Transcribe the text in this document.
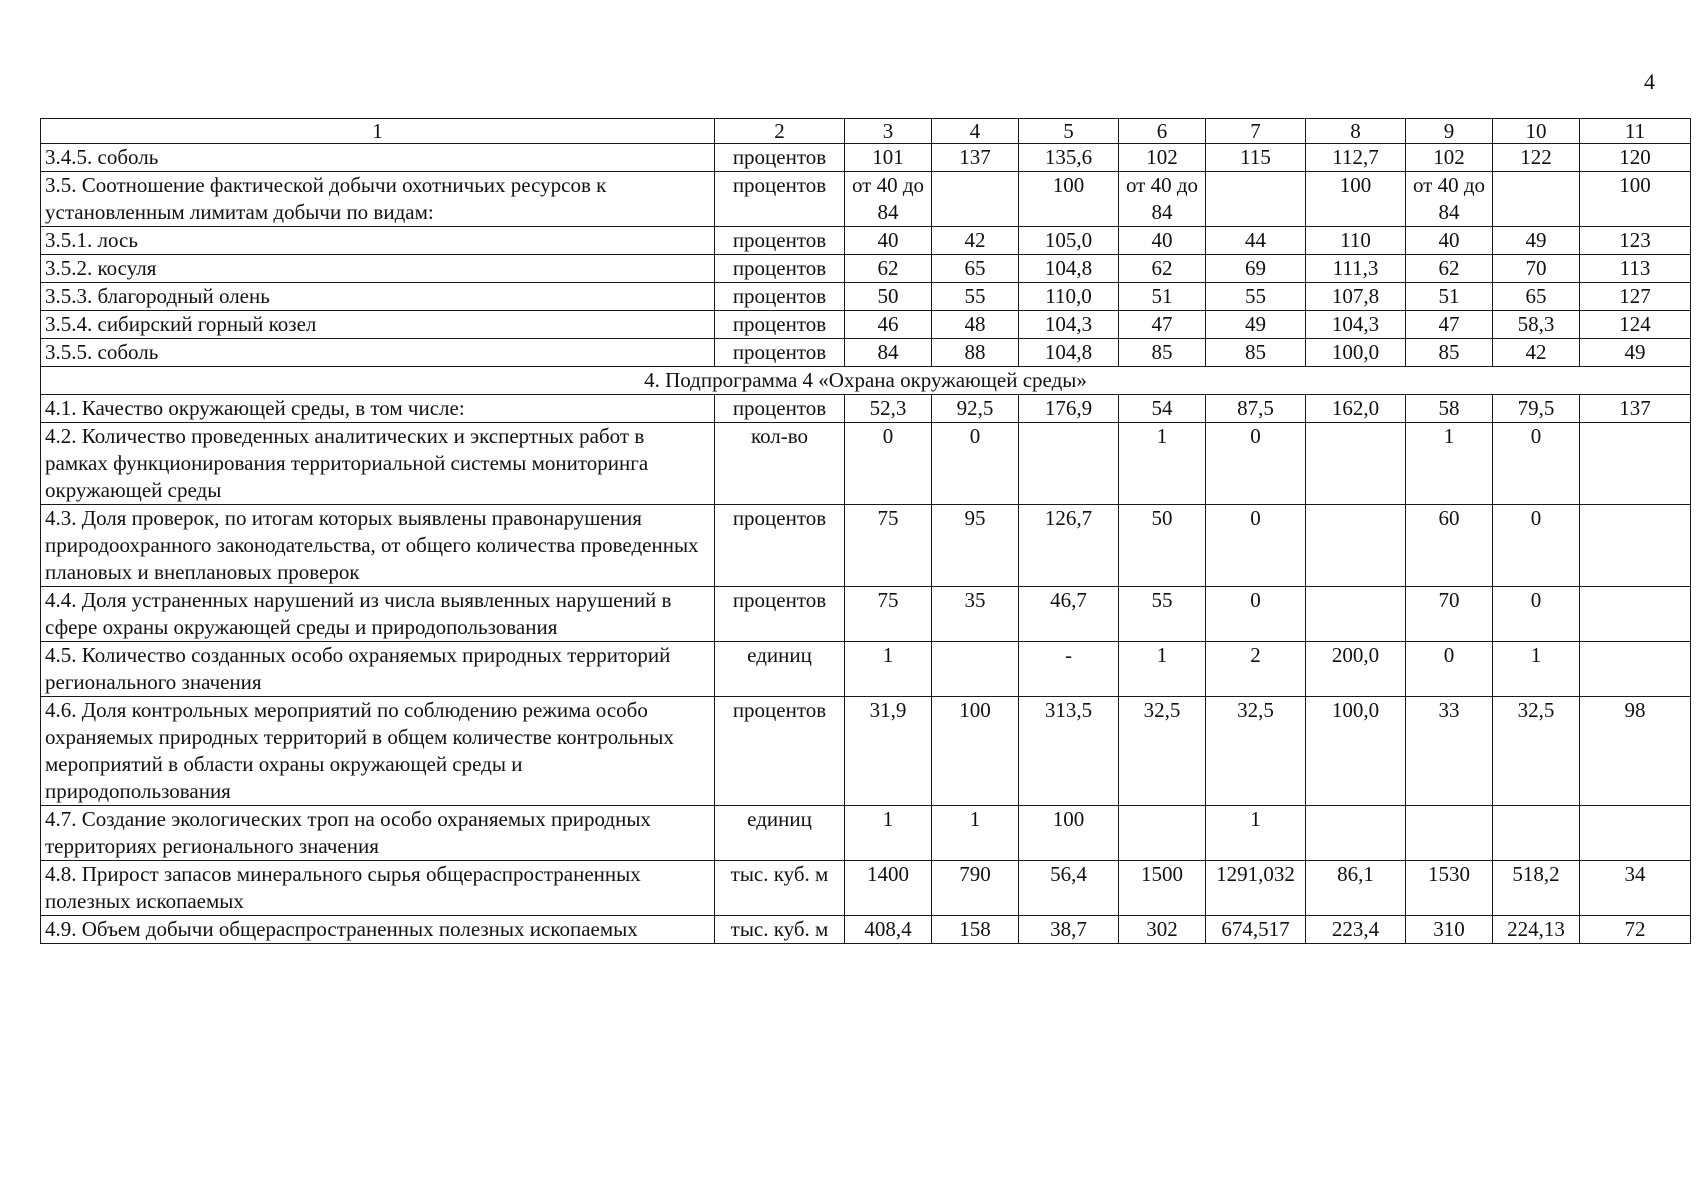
4
1	2	3	4	5	6	7	8	9	10	11
3.4.5. соболь	процентов	101	137	135,6	102	115	112,7	102	122	120
3.5. Соотношение фактической добычи охотничьих ресурсов к установленным лимитам добычи по видам:	процентов	от 40 до 84		100	от 40 до 84		100	от 40 до 84		100
3.5.1. лось	процентов	40	42	105,0	40	44	110	40	49	123
3.5.2. косуля	процентов	62	65	104,8	62	69	111,3	62	70	113
3.5.3. благородный олень	процентов	50	55	110,0	51	55	107,8	51	65	127
3.5.4. сибирский горный козел	процентов	46	48	104,3	47	49	104,3	47	58,3	124
3.5.5. соболь	процентов	84	88	104,8	85	85	100,0	85	42	49
4. Подпрограмма 4 «Охрана окружающей среды»										
4.1. Качество окружающей среды, в том числе:	процентов	52,3	92,5	176,9	54	87,5	162,0	58	79,5	137
4.2. Количество проведенных аналитических и экспертных работ в рамках функционирования территориальной системы мониторинга окружающей среды	кол-во	0	0		1	0		1	0	
4.3. Доля проверок, по итогам которых выявлены правонарушения природоохранного законодательства, от общего количества проведенных плановых и внеплановых проверок	процентов	75	95	126,7	50	0		60	0	
4.4. Доля устраненных нарушений из числа выявленных нарушений в сфере охраны окружающей среды и природопользования	процентов	75	35	46,7	55	0		70	0	
4.5. Количество созданных особо охраняемых природных территорий регионального значения	единиц	1		-	1	2	200,0	0	1	
4.6. Доля контрольных мероприятий по соблюдению режима особо охраняемых природных территорий в общем количестве контрольных мероприятий в области охраны окружающей среды и природопользования	процентов	31,9	100	313,5	32,5	32,5	100,0	33	32,5	98
4.7. Создание экологических троп на особо охраняемых природных территориях регионального значения	единиц	1	1	100		1				
4.8. Прирост запасов минерального сырья общераспространенных полезных ископаемых	тыс. куб. м	1400	790	56,4	1500	1291,032	86,1	1530	518,2	34
4.9. Объем добычи общераспространенных полезных ископаемых	тыс. куб. м	408,4	158	38,7	302	674,517	223,4	310	224,13	72
